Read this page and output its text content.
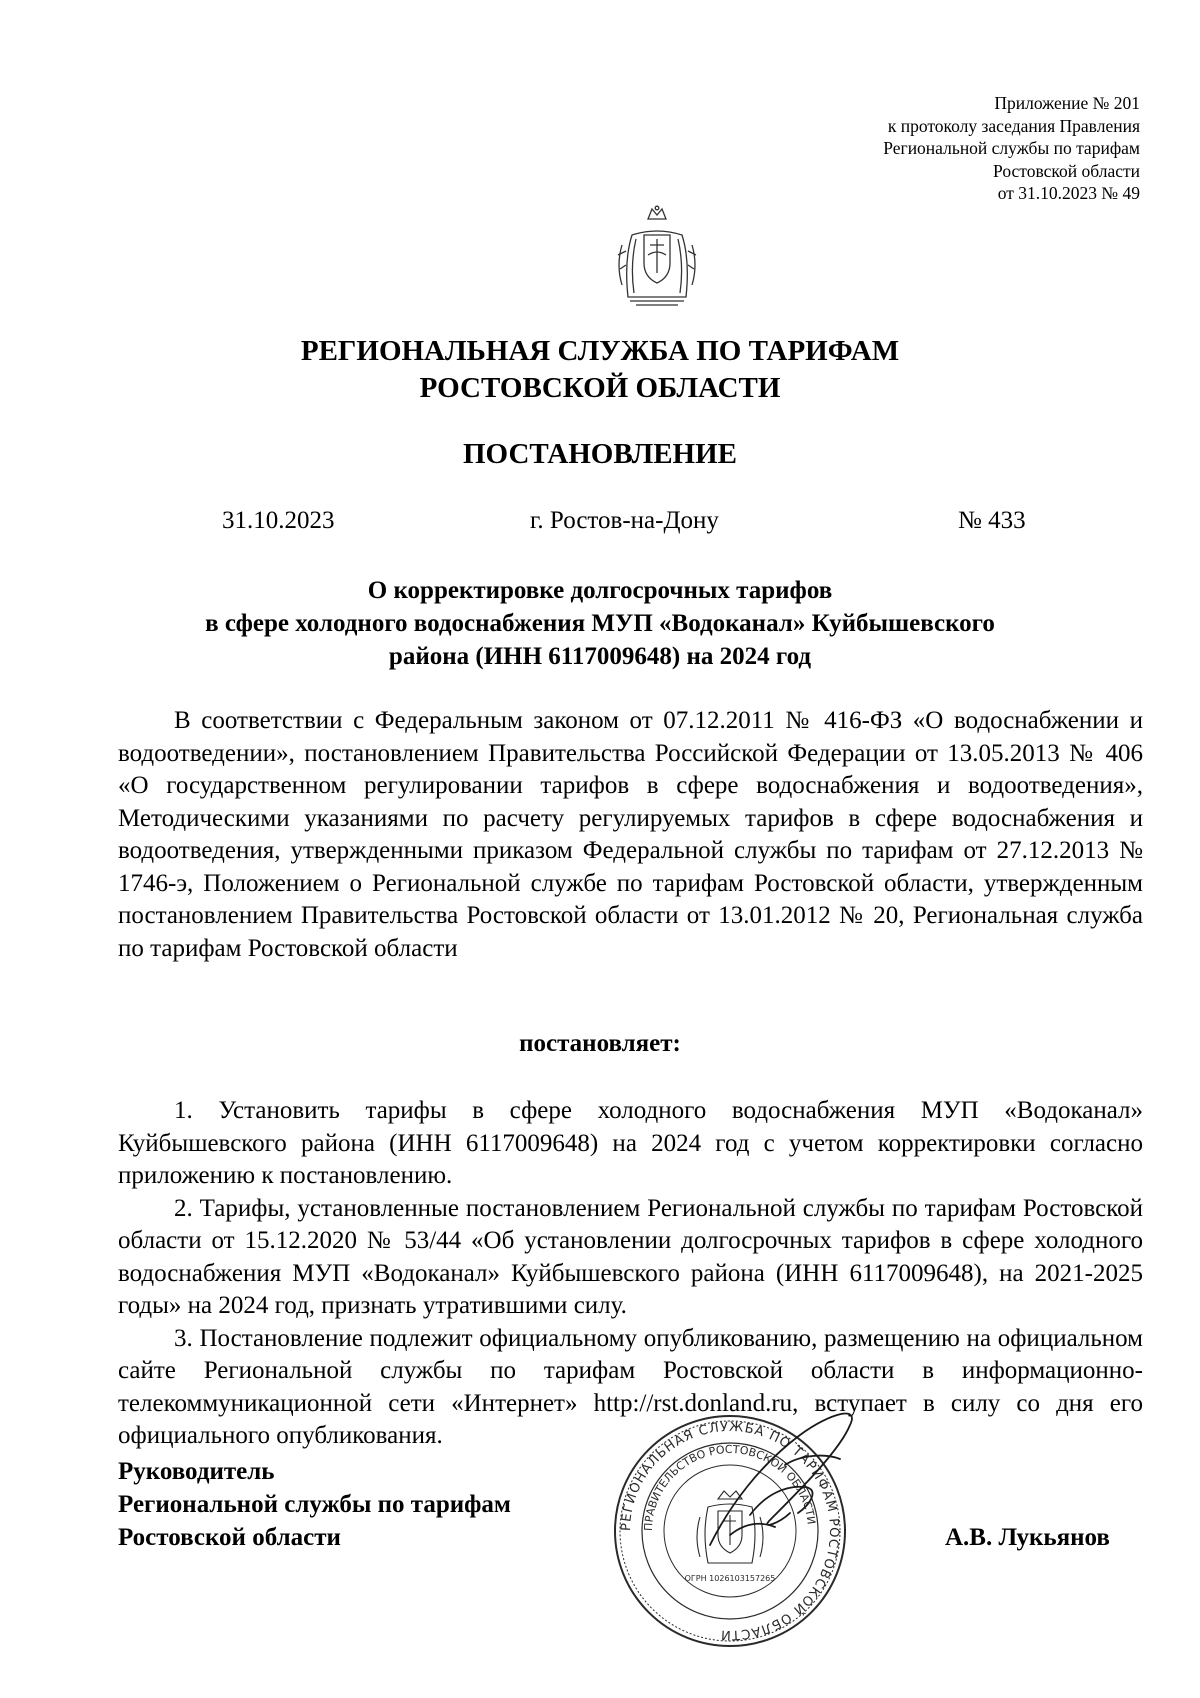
Приложение № 201
к протоколу заседания Правления
Региональной службы по тарифам
Ростовской области
от 31.10.2023 № 49
РЕГИОНАЛЬНАЯ СЛУЖБА ПО ТАРИФАМ
РОСТОВСКОЙ ОБЛАСТИ
ПОСТАНОВЛЕНИЕ
31.10.2023	г. Ростов-на-Дону	№ 433
О корректировке долгосрочных тарифов
в сфере холодного водоснабжения МУП «Водоканал» Куйбышевского
района (ИНН 6117009648) на 2024 год

В соответствии с Федеральным законом от 07.12.2011 № 416-ФЗ «О водоснабжении и водоотведении», постановлением Правительства Российской Федерации от 13.05.2013 № 406 «О государственном регулировании тарифов в сфере водоснабжения и водоотведения», Методическими указаниями по расчету регулируемых тарифов в сфере водоснабжения и водоотведения, утвержденными приказом Федеральной службы по тарифам от 27.12.2013 № 1746-э, Положением о Региональной службе по тарифам Ростовской области, утвержденным постановлением Правительства Ростовской области от 13.01.2012 № 20, Региональная служба по тарифам Ростовской области

постановляет:

1. Установить тарифы в сфере холодного водоснабжения МУП «Водоканал» Куйбышевского района (ИНН 6117009648) на 2024 год с учетом корректировки согласно приложению к постановлению.

2. Тарифы, установленные постановлением Региональной службы по тарифам Ростовской области от 15.12.2020 № 53/44 «Об установлении долгосрочных тарифов в сфере холодного водоснабжения МУП «Водоканал» Куйбышевского района (ИНН 6117009648), на 2021-2025 годы» на 2024 год, признать утратившими силу.

3. Постановление подлежит официальному опубликованию, размещению на официальном сайте Региональной службы по тарифам Ростовской области в информационно-телекоммуникационной сети «Интернет» http://rst.donland.ru, вступает в силу со дня его официального опубликования.

Руководитель
Региональной службы по тарифам
Ростовской области	РЕГИОНАЛЬНАЯ СЛУЖБА ПО ТАРИФАМ РОСТОВСКОЙ ОБЛАСТИ
ПРАВИТЕЛЬСТВО РОСТОВСКОЙ ОБЛАСТИ
ОГРН 1026103157265
А.В. Лукьянов
